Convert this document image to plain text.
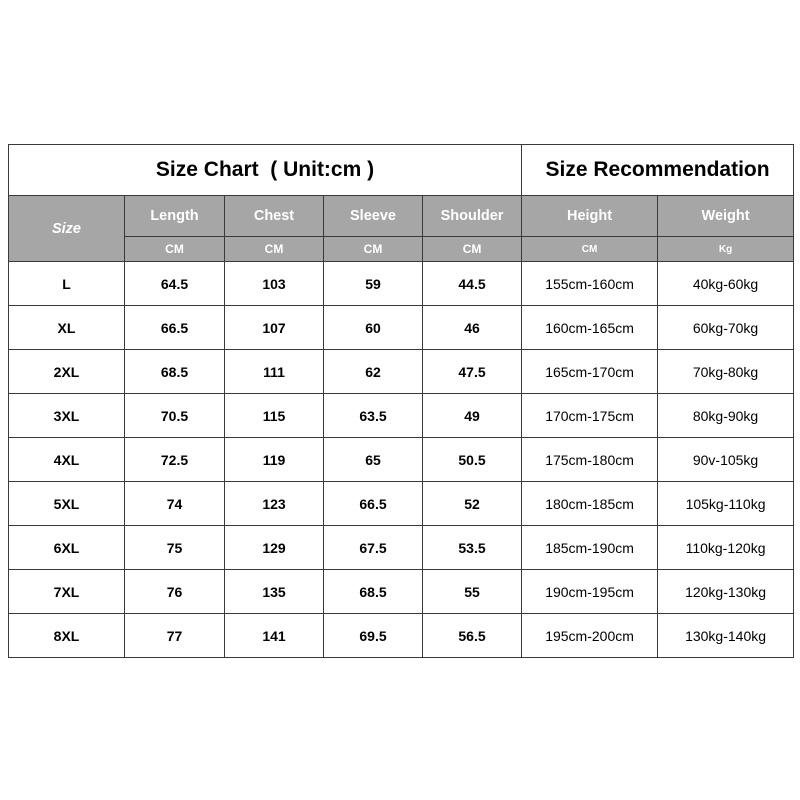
Size Chart  ( Unit:cm )					Size Recommendation	
Size	Length	Chest	Sleeve	Shoulder	Height	Weight
	CM	CM	CM	CM	CM	Kg
L	64.5	103	59	44.5	155cm-160cm	40kg-60kg
XL	66.5	107	60	46	160cm-165cm	60kg-70kg
2XL	68.5	111	62	47.5	165cm-170cm	70kg-80kg
3XL	70.5	115	63.5	49	170cm-175cm	80kg-90kg
4XL	72.5	119	65	50.5	175cm-180cm	90v-105kg
5XL	74	123	66.5	52	180cm-185cm	105kg-110kg
6XL	75	129	67.5	53.5	185cm-190cm	110kg-120kg
7XL	76	135	68.5	55	190cm-195cm	120kg-130kg
8XL	77	141	69.5	56.5	195cm-200cm	130kg-140kg
